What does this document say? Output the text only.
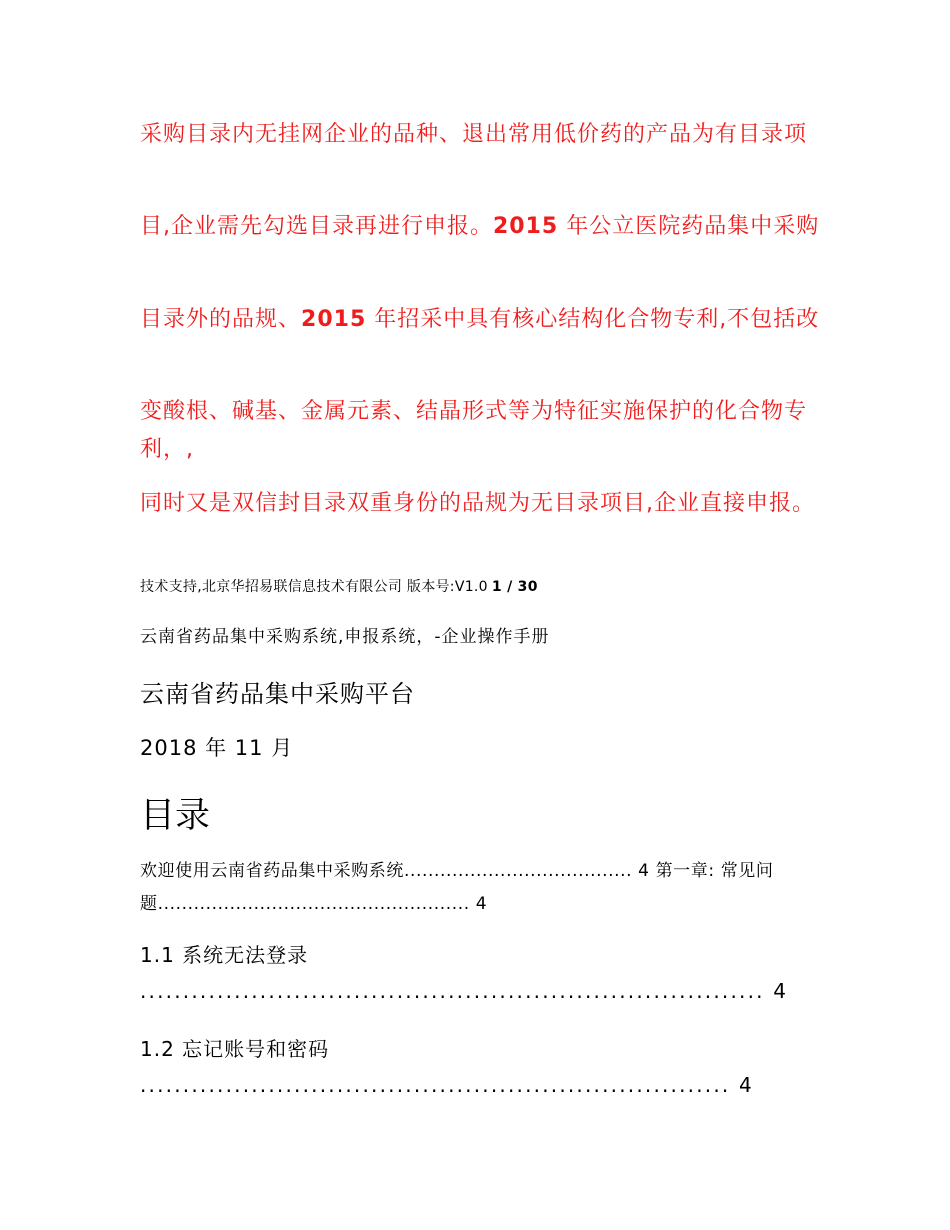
采购目录内无挂网企业的品种、退出常用低价药的产品为有目录项

目,企业需先勾选目录再进行申报。2015 年公立医院药品集中采购

目录外的品规、2015 年招采中具有核心结构化合物专利,不包括改

变酸根、碱基、金属元素、结晶形式等为特征实施保护的化合物专利，,

同时又是双信封目录双重身份的品规为无目录项目,企业直接申报。

技术支持,北京华招易联信息技术有限公司 版本号:V1.0 1 / 30

云南省药品集中采购系统,申报系统，-企业操作手册

云南省药品集中采购平台

2018 年 11 月

目录

欢迎使用云南省药品集中采购系统...................................... 4 第一章: 常见问题.................................................... 4

1.1 系统无法登录
......................................................................... 4
1.2 忘记账号和密码
..................................................................... 4
